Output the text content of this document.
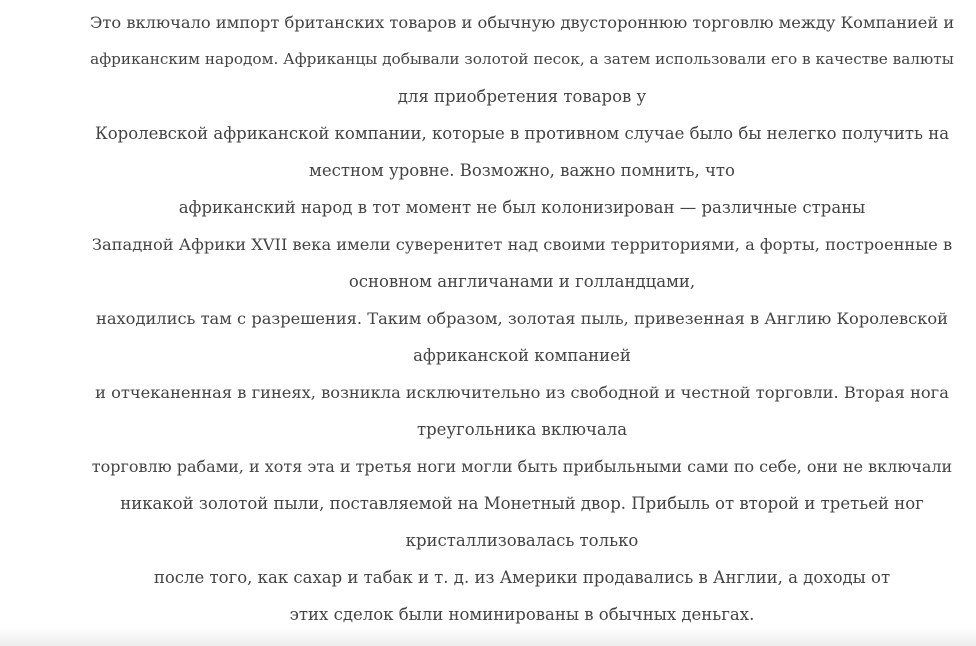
Это включало импорт британских товаров и обычную двустороннюю торговлю между Компанией и

африканским народом. Африканцы добывали золотой песок, а затем использовали его в качестве валюты

для приобретения товаров у

Королевской африканской компании, которые в противном случае было бы нелегко получить на

местном уровне. Возможно, важно помнить, что

африканский народ в тот момент не был колонизирован — различные страны

Западной Африки XVII века имели суверенитет над своими территориями, а форты, построенные в

основном англичанами и голландцами,

находились там с разрешения. Таким образом, золотая пыль, привезенная в Англию Королевской

африканской компанией

и отчеканенная в гинеях, возникла исключительно из свободной и честной торговли. Вторая нога

треугольника включала

торговлю рабами, и хотя эта и третья ноги могли быть прибыльными сами по себе, они не включали

никакой золотой пыли, поставляемой на Монетный двор. Прибыль от второй и третьей ног

кристаллизовалась только

после того, как сахар и табак и т. д. из Америки продавались в Англии, а доходы от

этих сделок были номинированы в обычных деньгах.
